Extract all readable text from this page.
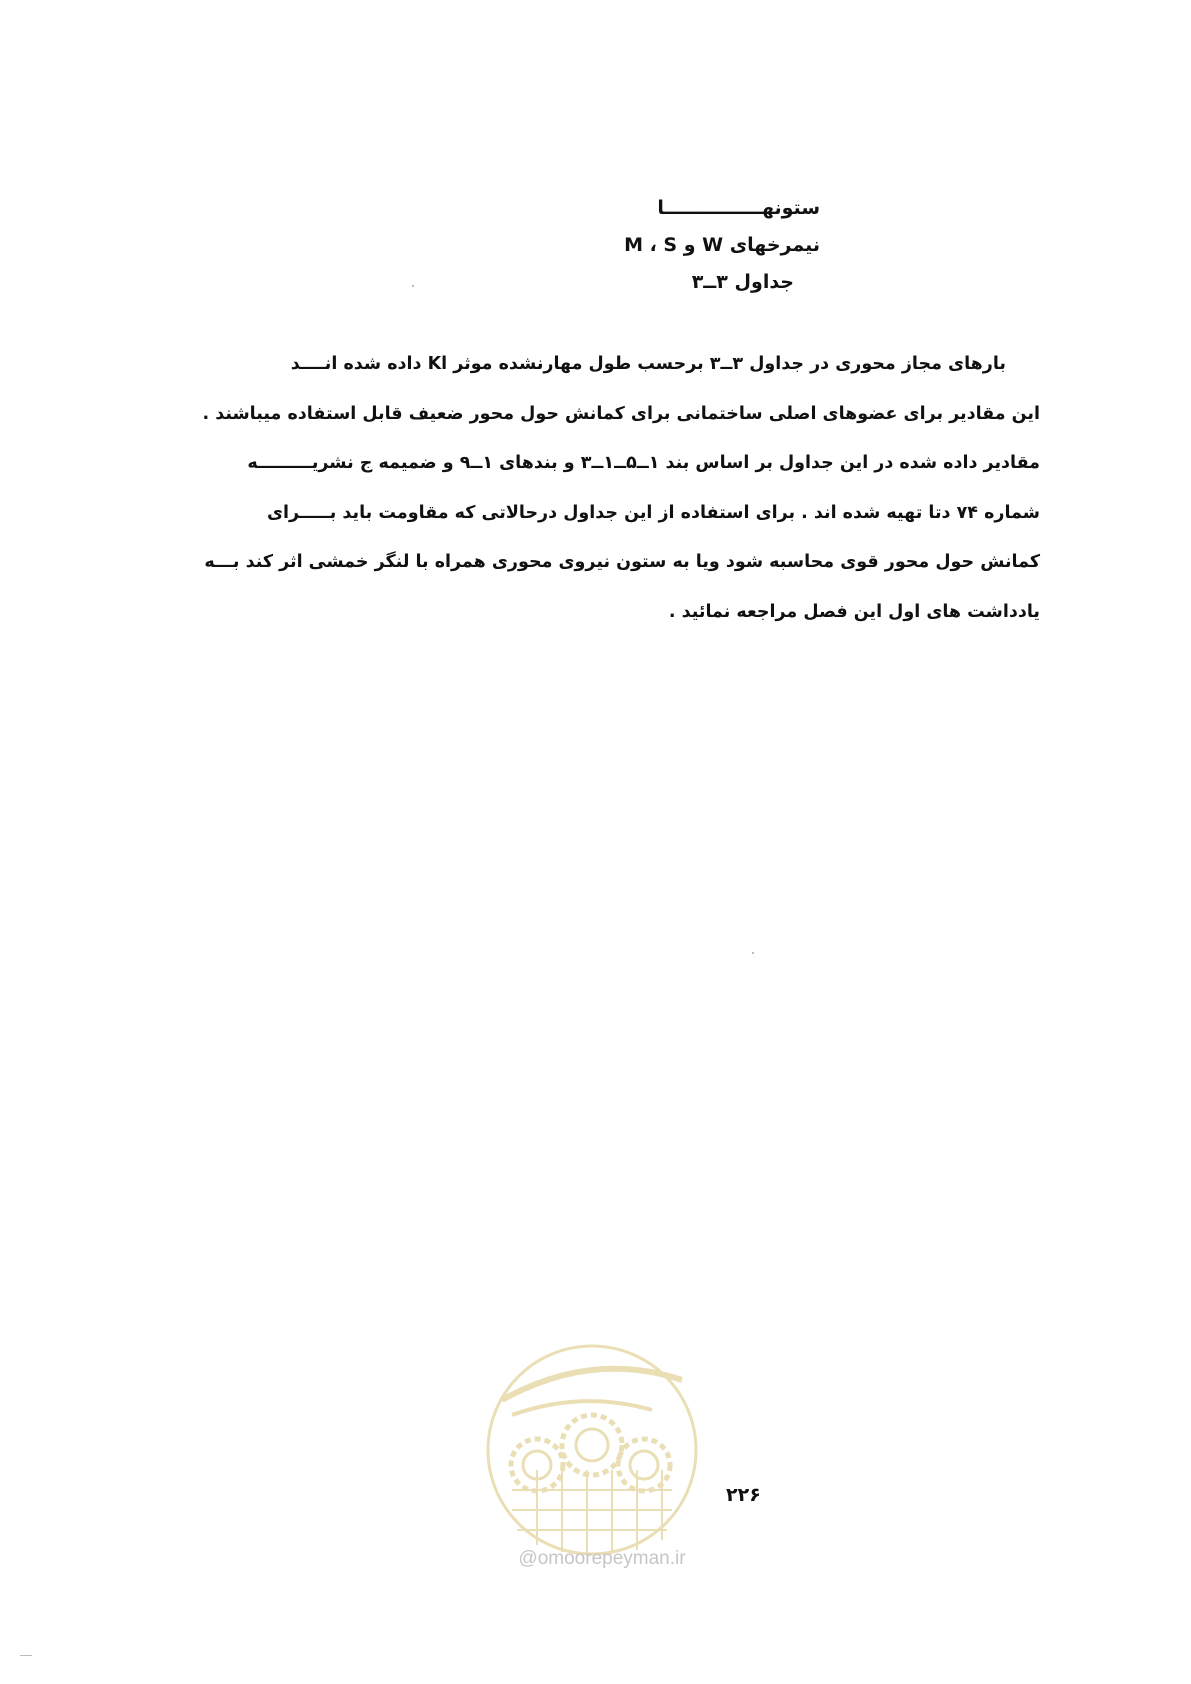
ستونهـــــــــــــــا
نیمرخهای W و M ، S
جداول ۳ــ۳

بارهای مجاز محوری در جداول ۳ــ۳ برحسب طول مهارنشده موثر Kl داده شده انــــد
این مقادیر برای عضوهای اصلی ساختمانی برای کمانش حول محور ضعیف قابل استفاده میباشند .
مقادیر داده شده در این جداول بر اساس بند ۱ــ۵ــ۱ــ۳ و بندهای ۱ــ۹ و ضمیمه ج نشریـــــــــه
شماره ۷۴ دتا تهیه شده اند . برای استفاده از این جداول درحالاتی که مقاومت باید بـــــرای
کمانش حول محور قوی محاسبه شود ویا به ستون نیروی محوری همراه با لنگر خمشی اثر کند بـــه
یادداشت های اول این فصل مراجعه نمائید .

@omoorepeyman.ir
۲۲۶
